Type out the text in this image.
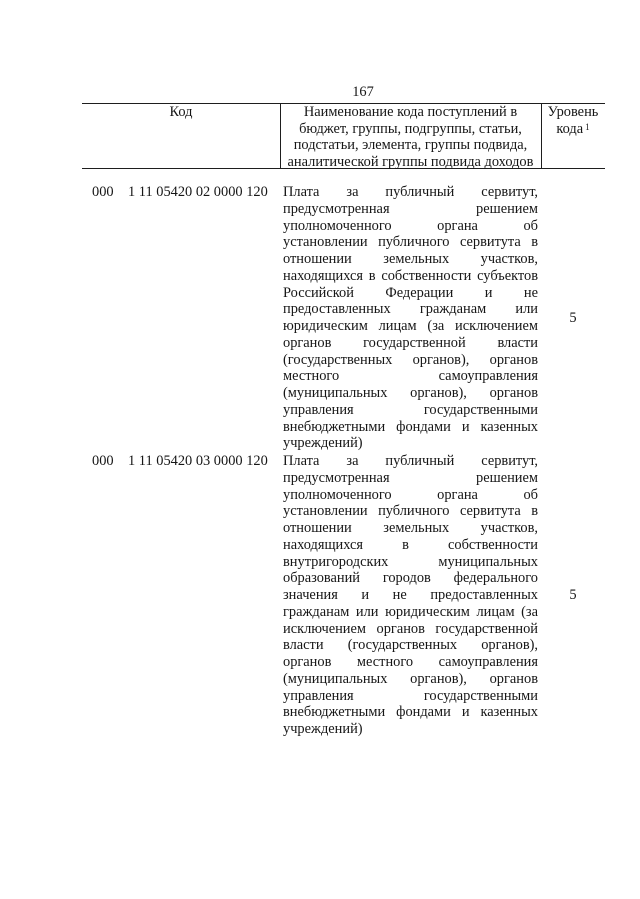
167
Код	Наименование кода поступлений в
бюджет, группы, подгруппы, статьи,
подстатьи, элемента, группы подвида,
аналитической группы подвида доходов
Уровень
кода $^1$
000 1 11 05420 02 0000 120 Плата за публичный сервитут,
предусмотренная решением
уполномоченного органа об
установлении публичного сервитута в
отношении земельных участков,
находящихся в собственности субъектов
Российской Федерации и не
предоставленных гражданам или
юридическим лицам (за исключением
органов государственной власти
(государственных органов), органов
местного самоуправления
(муниципальных органов), органов
управления государственными
внебюджетными фондами и казенных
учреждений)
5
000 1 11 05420 03 0000 120 Плата за публичный сервитут,
предусмотренная решением
уполномоченного органа об
установлении публичного сервитута в
отношении земельных участков,
находящихся в собственности
внутригородских муниципальных
образований городов федерального
значения и не предоставленных
гражданам или юридическим лицам (за
исключением органов государственной
власти (государственных органов),
органов местного самоуправления
(муниципальных органов), органов
управления государственными
внебюджетными фондами и казенных
учреждений)
5
